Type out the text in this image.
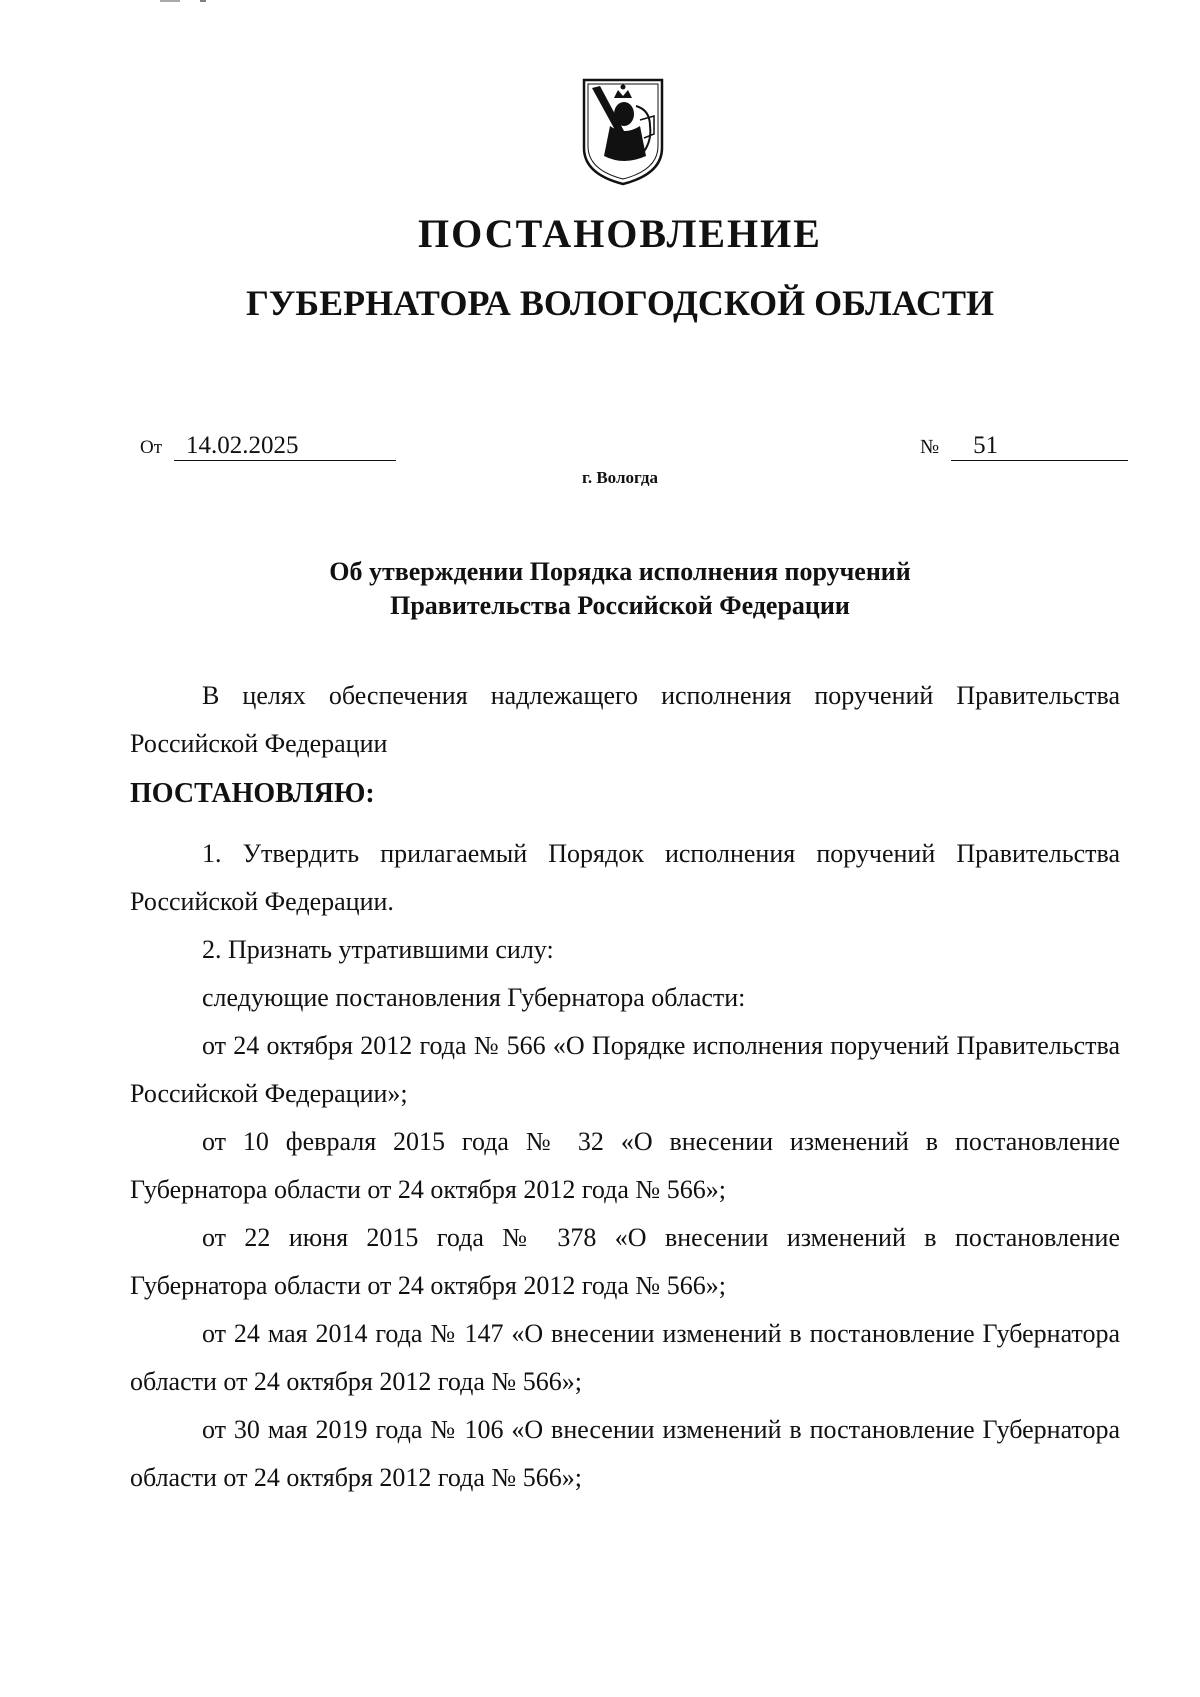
ПОСТАНОВЛЕНИЕ
ГУБЕРНАТОРА ВОЛОГОДСКОЙ ОБЛАСТИ
От 14.02.2025	№	51
г. Вологда
Об утверждении Порядка исполнения поручений
Правительства Российской Федерации

В целях обеспечения надлежащего исполнения поручений Правительства Российской Федерации

ПОСТАНОВЛЯЮ:

1. Утвердить прилагаемый Порядок исполнения поручений Правительства Российской Федерации.

2. Признать утратившими силу:

следующие постановления Губернатора области:

от 24 октября 2012 года № 566 «О Порядке исполнения поручений Правительства Российской Федерации»;

от 10 февраля 2015 года № 32 «О внесении изменений в постановление Губернатора области от 24 октября 2012 года № 566»;

от 22 июня 2015 года № 378 «О внесении изменений в постановление Губернатора области от 24 октября 2012 года № 566»;

от 24 мая 2014 года № 147 «О внесении изменений в постановление Губернатора области от 24 октября 2012 года № 566»;

от 30 мая 2019 года № 106 «О внесении изменений в постановление Губернатора области от 24 октября 2012 года № 566»;
